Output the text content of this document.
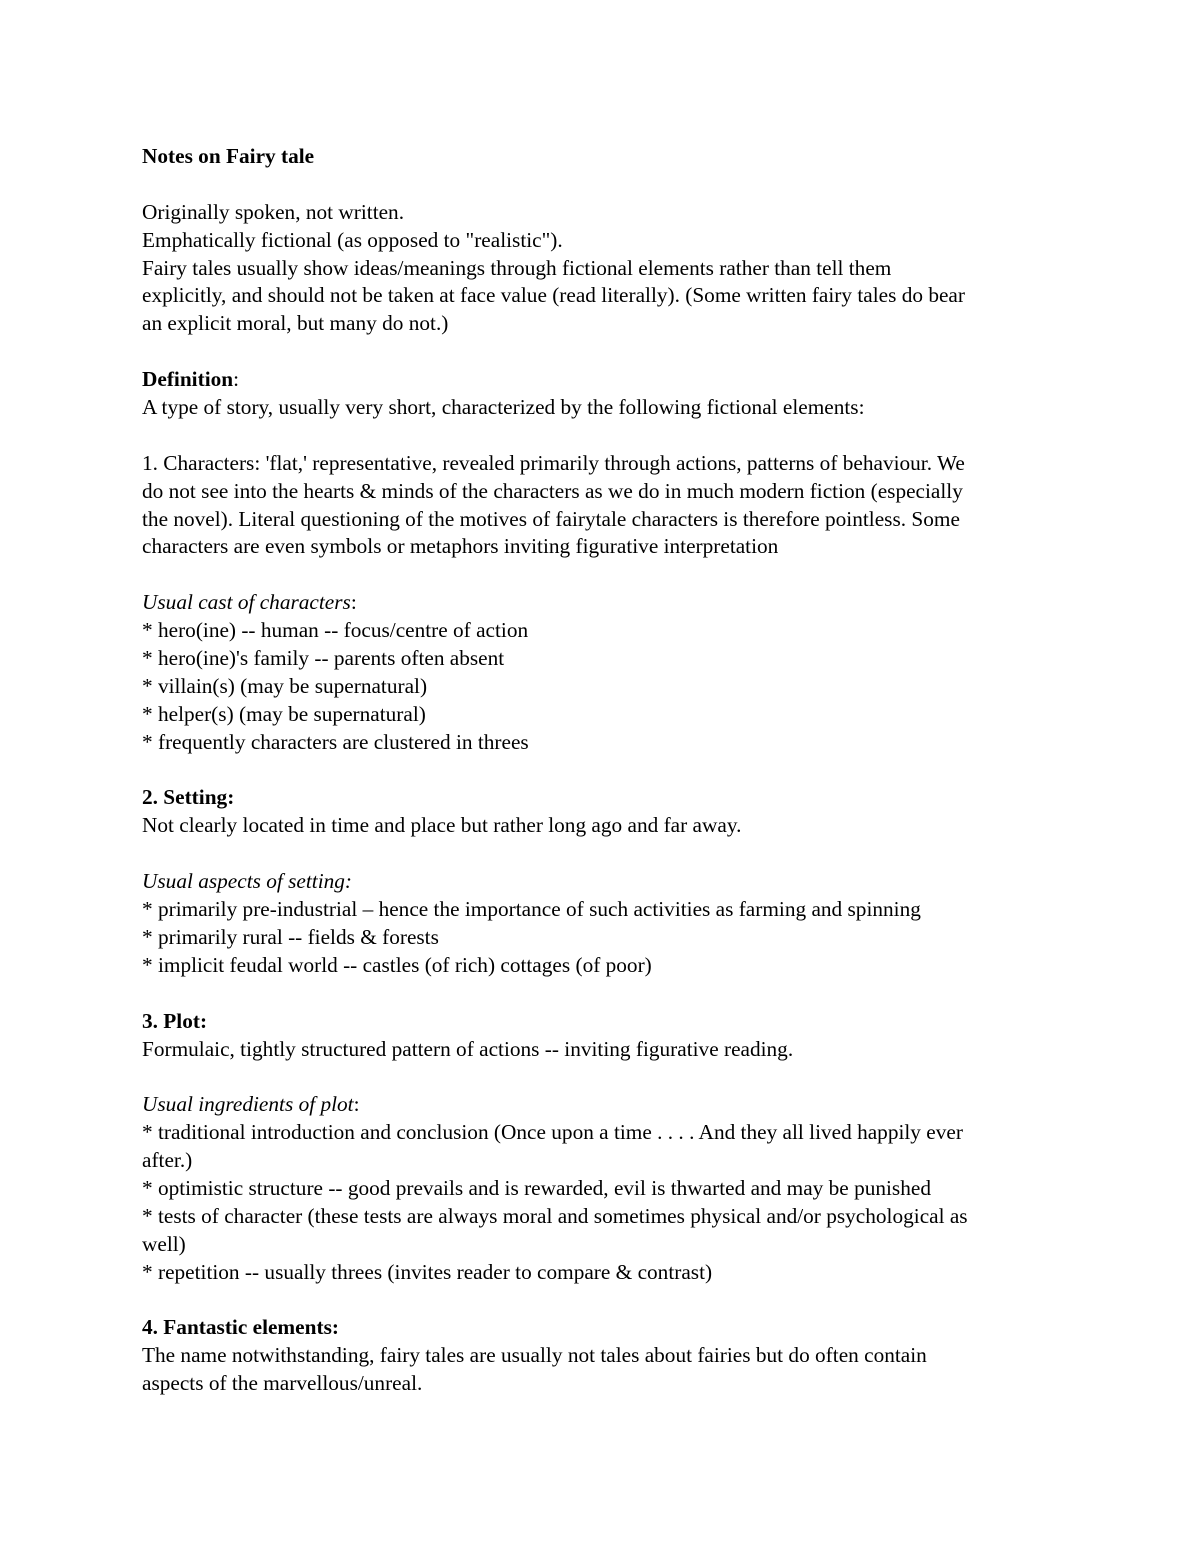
Notes on Fairy tale
Originally spoken, not written.
Emphatically fictional (as opposed to "realistic").
Fairy tales usually show ideas/meanings through fictional elements rather than tell them
explicitly, and should not be taken at face value (read literally). (Some written fairy tales do bear
an explicit moral, but many do not.)
Definition:
A type of story, usually very short, characterized by the following fictional elements:
1. Characters: 'flat,' representative, revealed primarily through actions, patterns of behaviour. We
do not see into the hearts & minds of the characters as we do in much modern fiction (especially
the novel). Literal questioning of the motives of fairytale characters is therefore pointless. Some
characters are even symbols or metaphors inviting figurative interpretation
Usual cast of characters:
* hero(ine) -- human -- focus/centre of action
* hero(ine)'s family -- parents often absent
* villain(s) (may be supernatural)
* helper(s) (may be supernatural)
* frequently characters are clustered in threes
2. Setting:
Not clearly located in time and place but rather long ago and far away.
Usual aspects of setting:
* primarily pre-industrial – hence the importance of such activities as farming and spinning
* primarily rural -- fields & forests
* implicit feudal world -- castles (of rich) cottages (of poor)
3. Plot:
Formulaic, tightly structured pattern of actions -- inviting figurative reading.
Usual ingredients of plot:
* traditional introduction and conclusion (Once upon a time . . . . And they all lived happily ever
after.)
* optimistic structure -- good prevails and is rewarded, evil is thwarted and may be punished
* tests of character (these tests are always moral and sometimes physical and/or psychological as
well)
* repetition -- usually threes (invites reader to compare & contrast)
4. Fantastic elements:
The name notwithstanding, fairy tales are usually not tales about fairies but do often contain
aspects of the marvellous/unreal.
